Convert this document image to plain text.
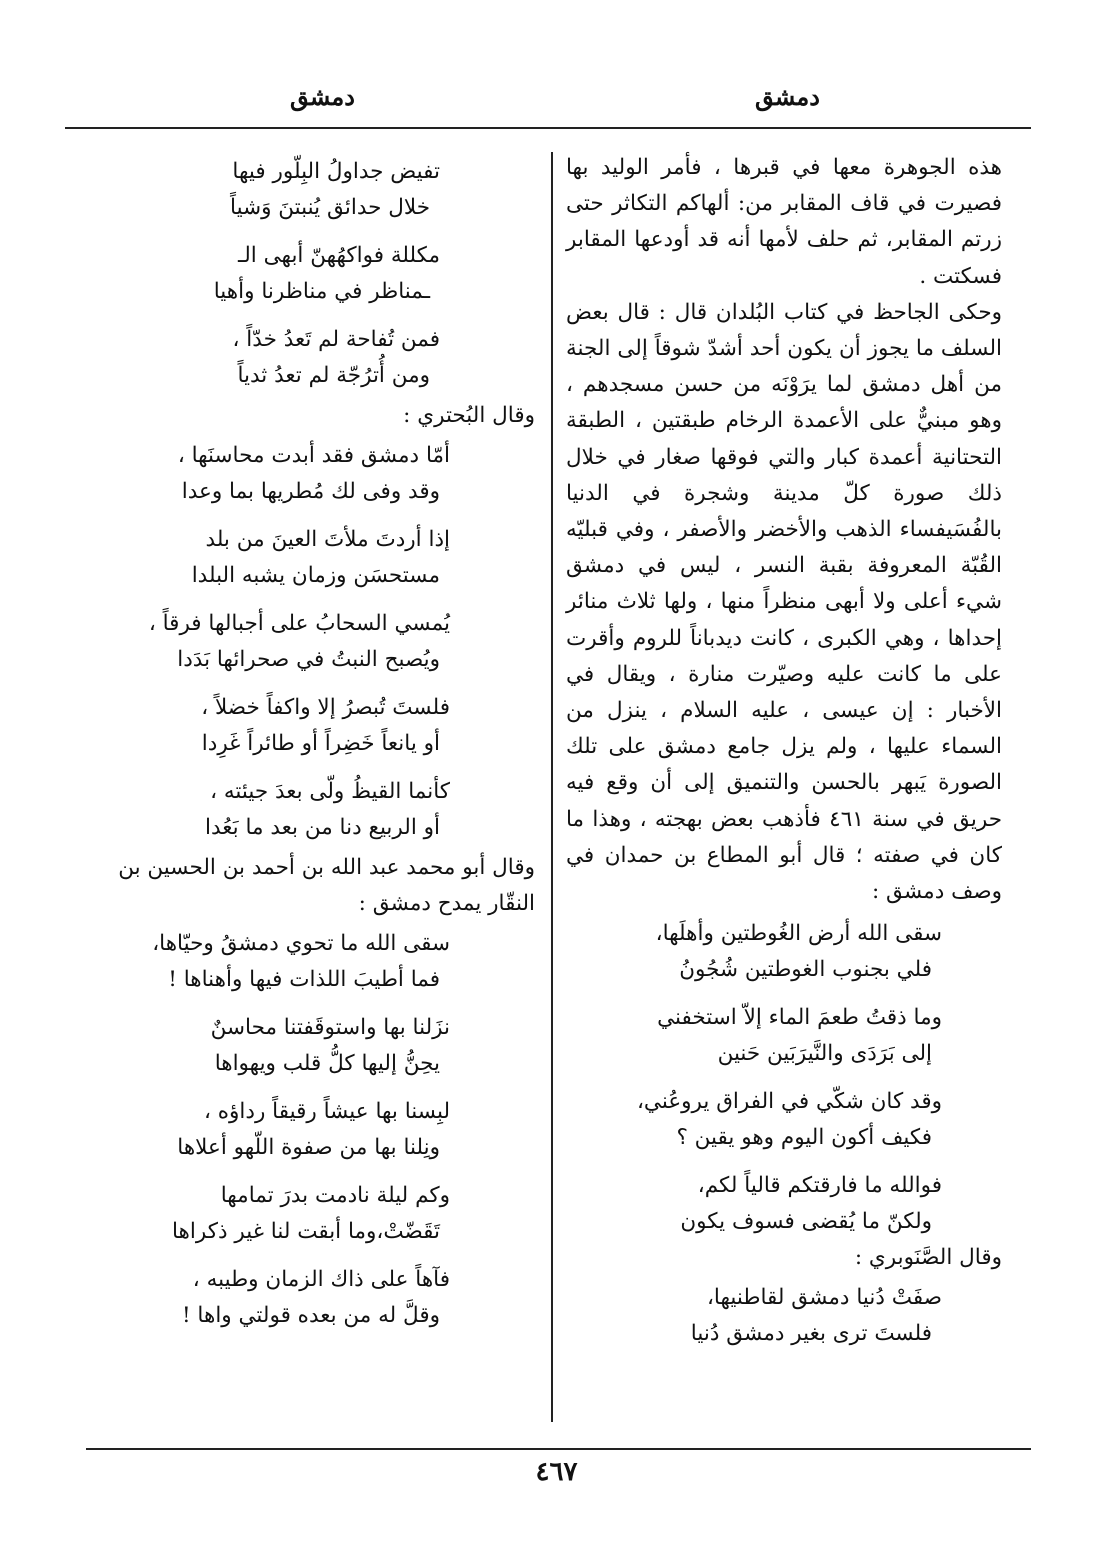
دمشق
دمشق

هذه الجوهرة معها في قبرها ، فأمر الوليد بها فصيرت في قاف المقابر من: ألهاكم التكاثر حتى زرتم المقابر، ثم حلف لأمها أنه قد أودعها المقابر فسكتت .

وحكى الجاحظ في كتاب البُلدان قال : قال بعض السلف ما يجوز أن يكون أحد أشدّ شوقاً إلى الجنة من أهل دمشق لما يرَوْنَه من حسن مسجدهم ، وهو مبنيٌّ على الأعمدة الرخام طبقتين ، الطبقة التحتانية أعمدة كبار والتي فوقها صغار في خلال ذلك صورة كلّ مدينة وشجرة في الدنيا بالفُسَيفساء الذهب والأخضر والأصفر ، وفي قبليّه القُبّة المعروفة بقبة النسر ، ليس في دمشق شيء أعلى ولا أبهى منظراً منها ، ولها ثلاث منائر إحداها ، وهي الكبرى ، كانت ديدباناً للروم وأقرت على ما كانت عليه وصيّرت منارة ، ويقال في الأخبار : إن عيسى ، عليه السلام ، ينزل من السماء عليها ، ولم يزل جامع دمشق على تلك الصورة يَبهر بالحسن والتنميق إلى أن وقع فيه حريق في سنة ٤٦١ فأذهب بعض بهجته ، وهذا ما كان في صفته ؛ قال أبو المطاع بن حمدان في وصف دمشق :

سقى الله أرض الغُوطتين وأهلَها،
فلي بجنوب الغوطتين شُجُونُ
وما ذقتُ طعمَ الماء إلاّ استخفني
إلى بَرَدَى والنَّيرَبَين حَنين
وقد كان شكّي في الفراق يروعُني،
فكيف أكون اليوم وهو يقين ؟
فوالله ما فارقتكم قالياً لكم،
ولكنّ ما يُقضى فسوف يكون
وقال الصَّنَوبري :
صفَتْ دُنيا دمشق لقاطنيها،
فلستَ ترى بغير دمشق دُنيا
تفيض جداولُ البِلّور فيها
خلال حدائق يُنبتنَ وَشياً
مكللة فواكهُهنّ أبهى الـ
ـمناظر في مناظرنا وأهيا
فمن تُفاحة لم تَعدُ خدّاً ،
ومن أُترُجّة لم تعدُ ثدياً
وقال البُحتري :
أمّا دمشق فقد أبدت محاسنَها ،
وقد وفى لك مُطريها بما وعدا
إذا أردتَ ملأتَ العينَ من بلد
مستحسَن وزمان يشبه البلدا
يُمسي السحابُ على أجبالها فرقاً ،
ويُصبح النبتُ في صحرائها بَدَدا
فلستَ تُبصرُ إلا واكفاً خضلاً ،
أو يانعاً خَضِراً أو طائراً غَرِدا
كأنما القيظُ ولّى بعدَ جيئته ،
أو الربيع دنا من بعد ما بَعُدا
وقال أبو محمد عبد الله بن أحمد بن الحسين بن النقّار يمدح دمشق :
سقى الله ما تحوي دمشقُ وحيّاها،
فما أطيبَ اللذات فيها وأهناها !
نزَلنا بها واستوقَفتنا محاسنٌ
يحِنُّ إليها كلُّ قلب ويهواها
لبِسنا بها عيشاً رقيقاً رداؤه ،
ونِلنا بها من صفوة اللّهو أعلاها
وكم ليلة نادمت بدرَ تمامها
تَقَضّتْ،وما أبقت لنا غير ذكراها
فآهاً على ذاك الزمان وطيبه ،
وقلَّ له من بعده قولتي واها !
٤٦٧
